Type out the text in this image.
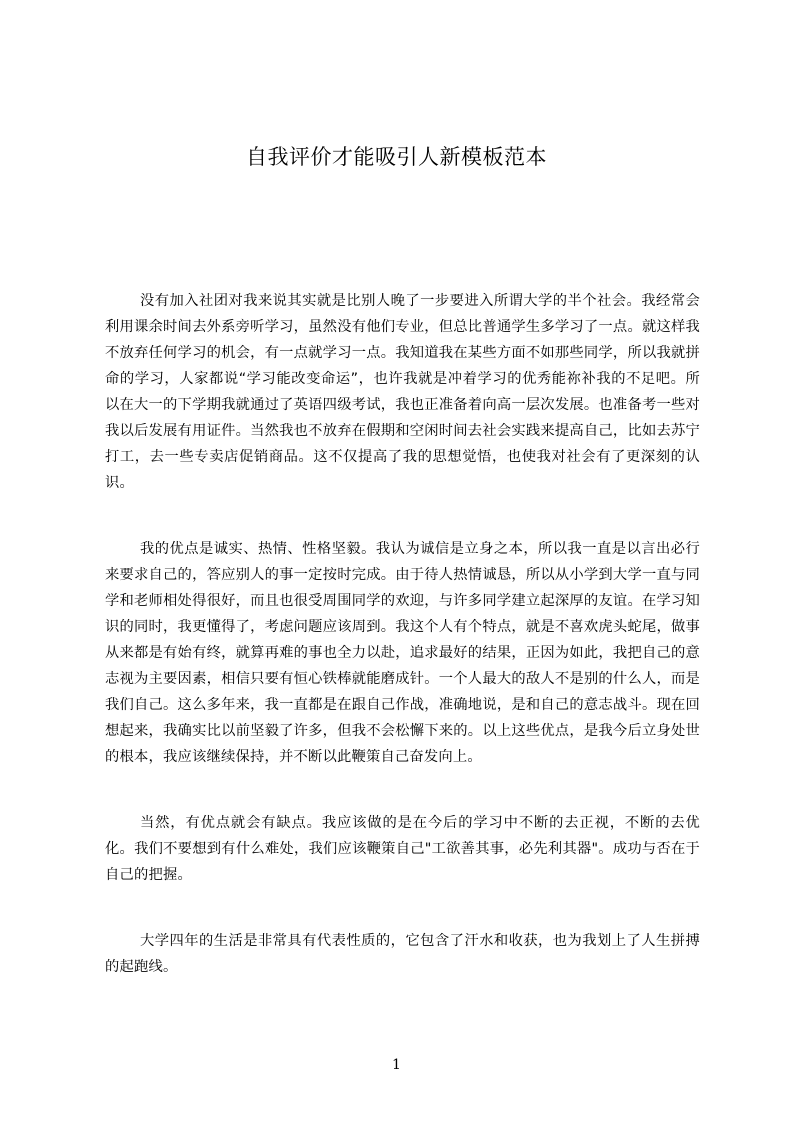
自我评价才能吸引人新模板范本

没有加入社团对我来说其实就是比别人晚了一步要进入所谓大学的半个社会。我经常会利用课余时间去外系旁听学习，虽然没有他们专业，但总比普通学生多学习了一点。就这样我不放弃任何学习的机会，有一点就学习一点。我知道我在某些方面不如那些同学，所以我就拼命的学习，人家都说“学习能改变命运”，也许我就是冲着学习的优秀能祢补我的不足吧。所以在大一的下学期我就通过了英语四级考试，我也正准备着向高一层次发展。也准备考一些对我以后发展有用证件。当然我也不放弃在假期和空闲时间去社会实践来提高自己，比如去苏宁打工，去一些专卖店促销商品。这不仅提高了我的思想觉悟，也使我对社会有了更深刻的认识。

我的优点是诚实、热情、性格坚毅。我认为诚信是立身之本，所以我一直是以言出必行来要求自己的，答应别人的事一定按时完成。由于待人热情诚恳，所以从小学到大学一直与同学和老师相处得很好，而且也很受周围同学的欢迎，与许多同学建立起深厚的友谊。在学习知识的同时，我更懂得了，考虑问题应该周到。我这个人有个特点，就是不喜欢虎头蛇尾，做事从来都是有始有终，就算再难的事也全力以赴，追求最好的结果，正因为如此，我把自己的意志视为主要因素，相信只要有恒心铁棒就能磨成针。一个人最大的敌人不是别的什么人，而是我们自己。这么多年来，我一直都是在跟自己作战，准确地说，是和自己的意志战斗。现在回想起来，我确实比以前坚毅了许多，但我不会松懈下来的。以上这些优点，是我今后立身处世的根本，我应该继续保持，并不断以此鞭策自己奋发向上。

当然，有优点就会有缺点。我应该做的是在今后的学习中不断的去正视，不断的去优化。我们不要想到有什么难处，我们应该鞭策自己"工欲善其事，必先利其器"。成功与否在于自己的把握。

大学四年的生活是非常具有代表性质的，它包含了汗水和收获，也为我划上了人生拼搏的起跑线。

1
